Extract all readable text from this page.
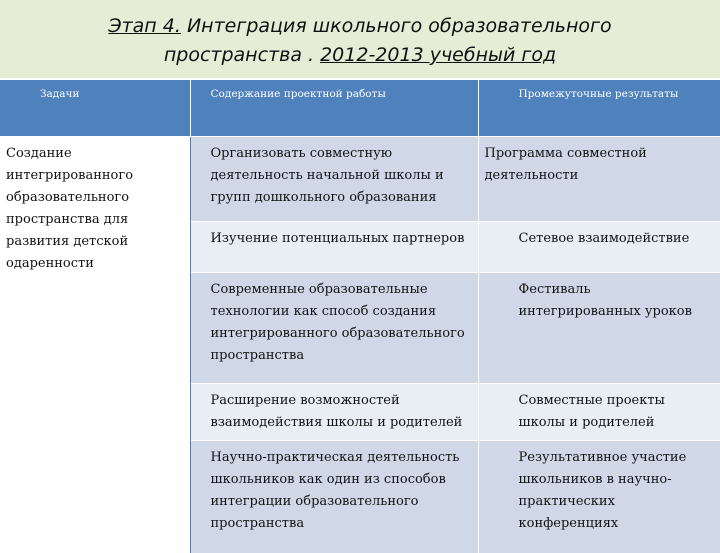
Этап 4. Интеграция школьного образовательного
пространства . 2012-2013 учебный год
Задачи	Содержание проектной работы	Промежуточные результаты
Создание интегрированного образовательного пространства для развития детской одаренности	Организовать совместную деятельность начальной школы и групп дошкольного образования	Программа совместной деятельности
	Изучение потенциальных партнеров	Сетевое взаимодействие
	Современные образовательные технологии как способ создания интегрированного образовательного пространства	Фестиваль интегрированных уроков
	Расширение возможностей взаимодействия школы и родителей	Совместные проекты школы и родителей
	Научно-практическая деятельность школьников как один из способов интеграции образовательного пространства	Результативное участие школьников в научно-практических конференциях
